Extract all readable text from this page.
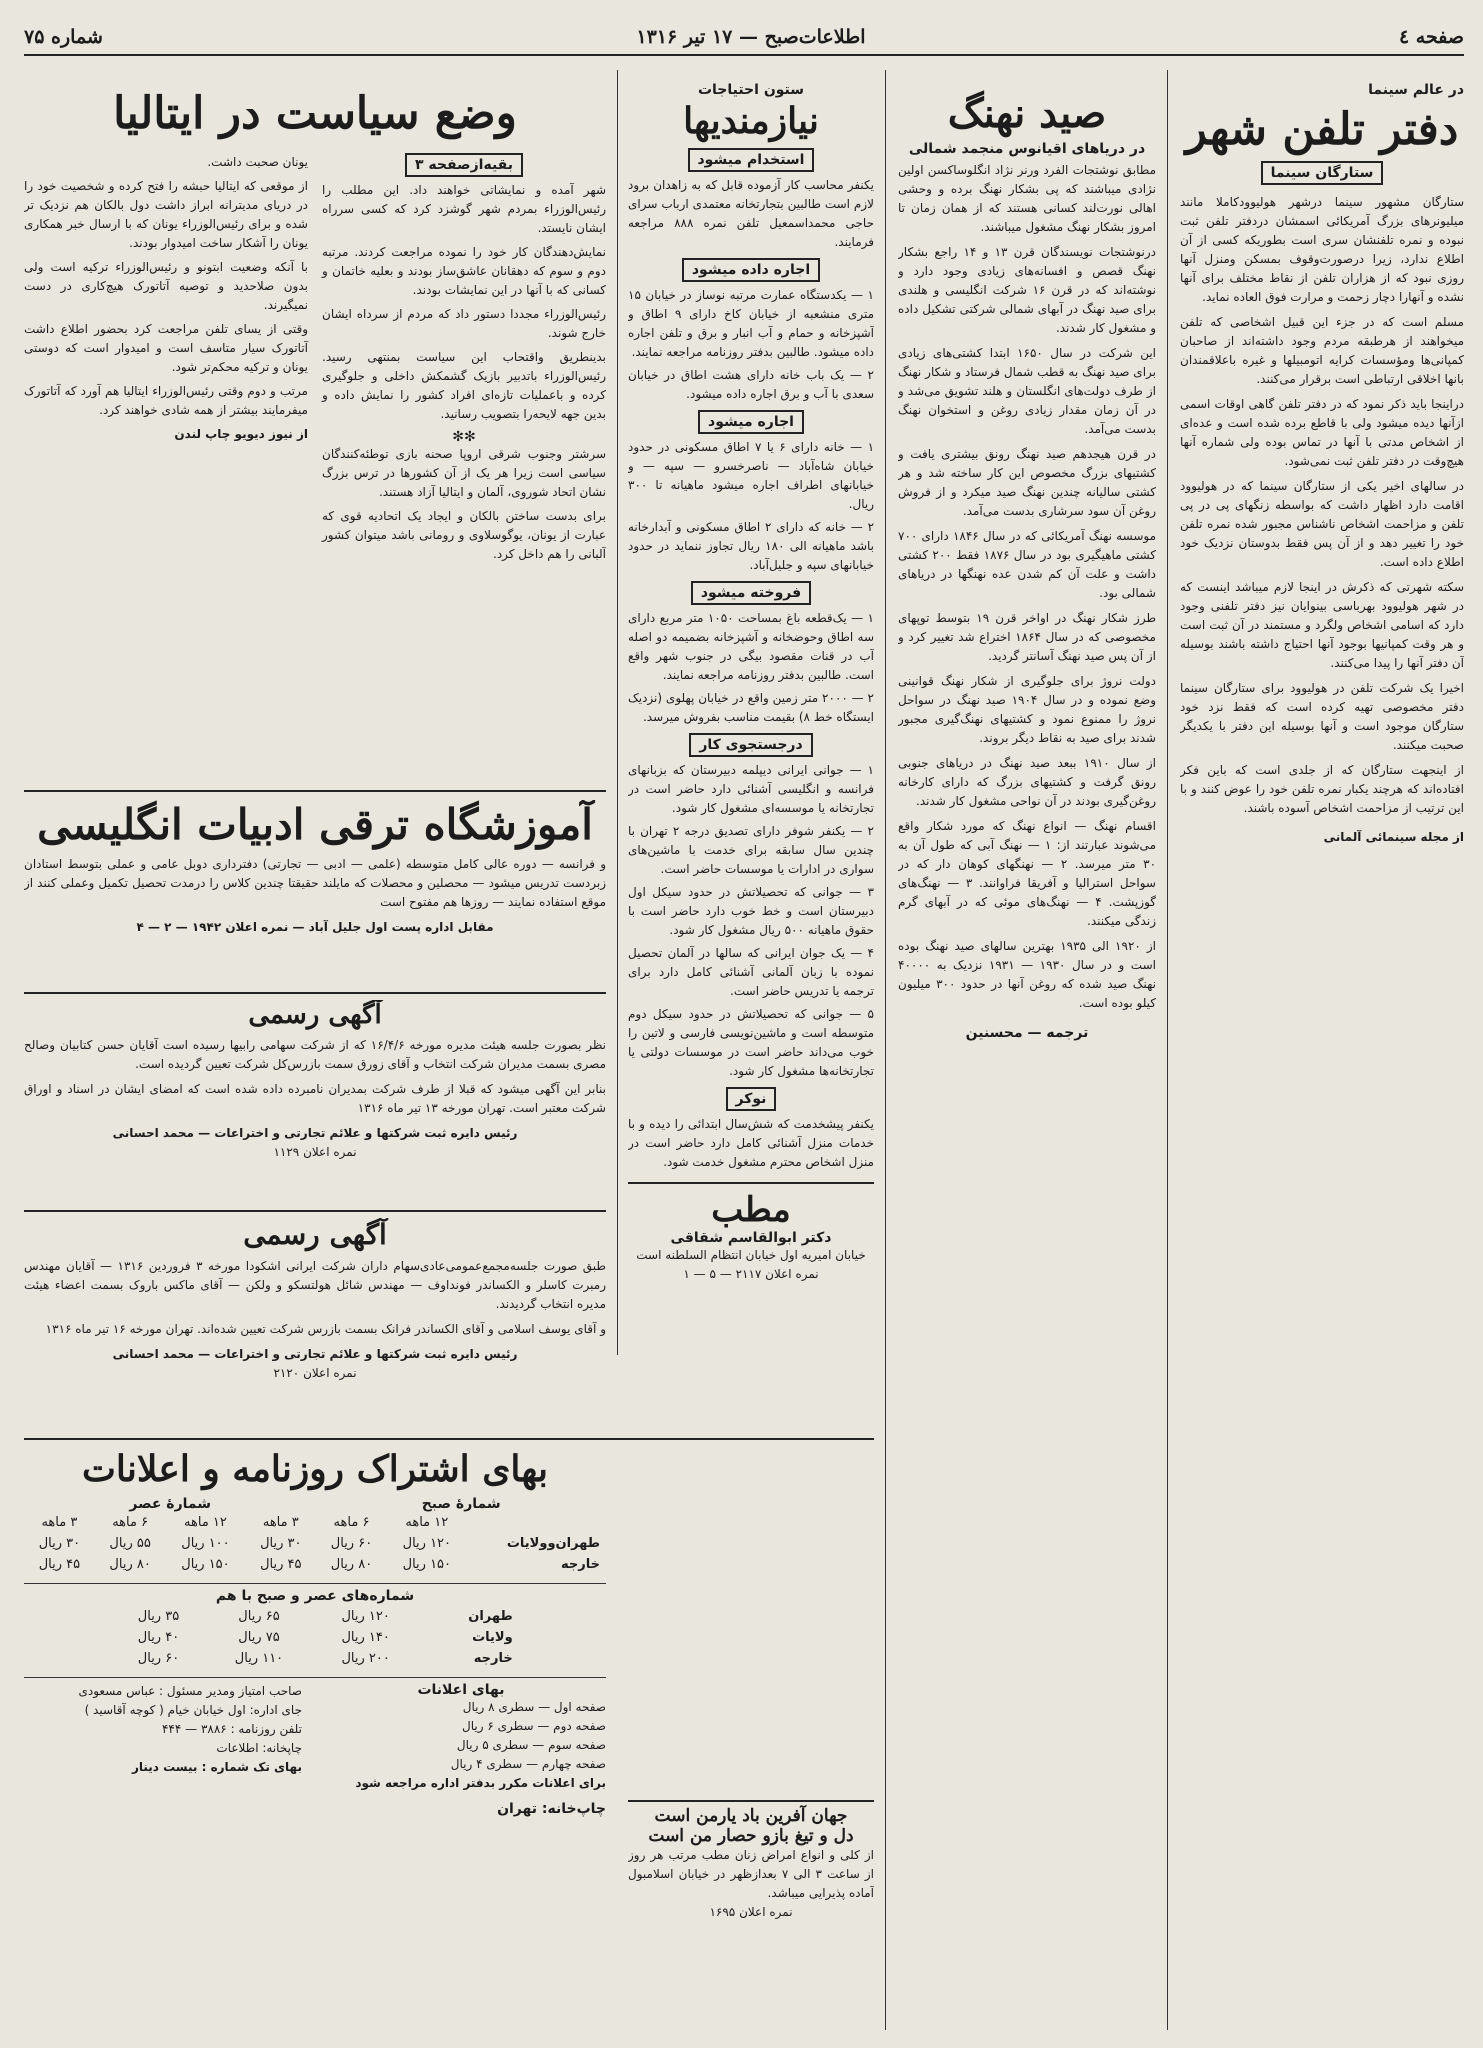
صفحه ٤
اطلاعات‌صبح — ۱۷ تیر ۱۳۱۶
شماره ۷۵
در عالم سینما
دفتر تلفن شهر
ستارگان سینما

ستارگان مشهور سینما درشهر هولیوودکاملا مانند میلیونرهای بزرگ آمریکائی اسمشان دردفتر تلفن ثبت نبوده و نمره تلفنشان سری است بطوریکه کسی از آن اطلاع ندارد، زیرا درصورت‌وقوف بمسکن ومنزل آنها روزی نبود که از هزاران تلفن از نقاط مختلف برای آنها نشده و آنهارا دچار زحمت و مرارت فوق العاده نماید.

مسلم است که در جزء این قبیل اشخاصی که تلفن میخواهند از هرطبقه مردم وجود داشته‌اند از صاحبان کمپانی‌ها ومؤسسات کرایه اتومبیلها و غیره باعلاقمندان بانها اخلاقی ارتباطی است برقرار می‌کنند.

دراینجا باید ذکر نمود که در دفتر تلفن گاهی اوقات اسمی ازآنها دیده میشود ولی با قاطع برده شده است و عده‌ای از اشخاص مدتی با آنها در تماس بوده ولی شماره آنها هیچ‌وقت در دفتر تلفن ثبت نمی‌شود.

در سالهای اخیر یکی از ستارگان سینما که در هولیوود اقامت دارد اظهار داشت که بواسطه زنگهای پی در پی تلفن و مزاحمت اشخاص ناشناس مجبور شده نمره تلفن خود را تغییر دهد و از آن پس فقط بدوستان نزدیک خود اطلاع داده است.

سکته شهرتی که ذکرش در اینجا لازم میباشد اینست که در شهر هولیوود بهرباسی بینوایان نیز دفتر تلفنی وجود دارد که اسامی اشخاص ولگرد و مستمند در آن ثبت است و هر وقت کمپانیها بوجود آنها احتیاج داشته باشند بوسیله آن دفتر آنها را پیدا می‌کنند.

اخیرا یک شرکت تلفن در هولیوود برای ستارگان سینما دفتر مخصوصی تهیه کرده است که فقط نزد خود ستارگان موجود است و آنها بوسیله این دفتر با یکدیگر صحبت میکنند.

از اینجهت ستارگان که از جلدی است که باین فکر افتاده‌اند که هرچند یکبار نمره تلفن خود را عوض کنند و با این ترتیب از مزاحمت اشخاص آسوده باشند.

از مجله سینمائی آلمانی
صید نهنگ
در دریاهای اقیانوس منجمد شمالی

مطابق نوشتجات الفرد ورنر نژاد انگلوساکسن اولین نژادی میباشند که پی بشکار نهنگ برده و وحشی اهالی نورت‌لند کسانی هستند که از همان زمان تا امروز بشکار نهنگ مشغول میباشند.

درنوشتجات نویسندگان قرن ۱۳ و ۱۴ راجع بشکار نهنگ قصص و افسانه‌های زیادی وجود دارد و نوشته‌اند که در قرن ۱۶ شرکت انگلیسی و هلندی برای صید نهنگ در آبهای شمالی شرکتی تشکیل داده و مشغول کار شدند.

این شرکت در سال ۱۶۵۰ ابتدا کشتی‌های زیادی برای صید نهنگ به قطب شمال فرستاد و شکار نهنگ از طرف دولت‌های انگلستان و هلند تشویق می‌شد و در آن زمان مقدار زیادی روغن و استخوان نهنگ بدست می‌آمد.

در قرن هیجدهم صید نهنگ رونق بیشتری یافت و کشتیهای بزرگ مخصوص این کار ساخته شد و هر کشتی سالیانه چندین نهنگ صید میکرد و از فروش روغن آن سود سرشاری بدست می‌آمد.

موسسه نهنگ آمریکائی که در سال ۱۸۴۶ دارای ۷۰۰ کشتی ماهیگیری بود در سال ۱۸۷۶ فقط ۲۰۰ کشتی داشت و علت آن کم شدن عده نهنگها در دریاهای شمالی بود.

طرز شکار نهنگ در اواخر قرن ۱۹ بتوسط توپهای مخصوصی که در سال ۱۸۶۴ اختراع شد تغییر کرد و از آن پس صید نهنگ آسانتر گردید.

دولت نروژ برای جلوگیری از شکار نهنگ قوانینی وضع نموده و در سال ۱۹۰۴ صید نهنگ در سواحل نروژ را ممنوع نمود و کشتیهای نهنگ‌گیری مجبور شدند برای صید به نقاط دیگر بروند.

از سال ۱۹۱۰ ببعد صید نهنگ در دریاهای جنوبی رونق گرفت و کشتیهای بزرگ که دارای کارخانه روغن‌گیری بودند در آن نواحی مشغول کار شدند.

اقسام نهنگ — انواع نهنگ که مورد شکار واقع می‌شوند عبارتند از: ۱ — نهنگ آبی که طول آن به ۳۰ متر میرسد. ۲ — نهنگهای کوهان دار که در سواحل استرالیا و آفریقا فراوانند. ۳ — نهنگ‌های گوزپشت. ۴ — نهنگ‌های موئی که در آبهای گرم زندگی میکنند.

از ۱۹۲۰ الی ۱۹۳۵ بهترین سالهای صید نهنگ بوده است و در سال ۱۹۳۰ — ۱۹۳۱ نزدیک به ۴۰۰۰۰ نهنگ صید شده که روغن آنها در حدود ۳۰۰ میلیون کیلو بوده است.

ترجمه — محسنین
ستون احتیاجات
نیازمندیها
استخدام میشود

یکنفر محاسب کار آزموده قابل که به زاهدان برود لازم است طالبین بتجارتخانه معتمدی ارباب سرای حاجی محمداسمعیل تلفن نمره ۸۸۸ مراجعه فرمایند.

اجاره داده میشود

۱ — یکدستگاه عمارت مرتبه نوساز در خیابان ۱۵ متری منشعبه از خیابان کاخ دارای ۹ اطاق و آشپزخانه و حمام و آب انبار و برق و تلفن اجاره داده میشود. طالبین بدفتر روزنامه مراجعه نمایند.

۲ — یک باب خانه دارای هشت اطاق در خیابان سعدی با آب و برق اجاره داده میشود.

اجاره میشود

۱ — خانه دارای ۶ یا ۷ اطاق مسکونی در حدود خیابان شاه‌آباد — ناصرخسرو — سپه — و خیابانهای اطراف اجاره میشود ماهیانه تا ۳۰۰ ریال.

۲ — خانه که دارای ۲ اطاق مسکونی و آبدارخانه باشد ماهیانه الی ۱۸۰ ریال تجاوز ننماید در حدود خیابانهای سپه و جلیل‌آباد.

فروخته میشود

۱ — یک‌قطعه باغ بمساحت ۱۰۵۰ متر مربع دارای سه اطاق وحوضخانه و آشپزخانه بضمیمه دو اصله آب در قنات مقصود بیگی در جنوب شهر واقع است. طالبین بدفتر روزنامه مراجعه نمایند.

۲ — ۲۰۰۰ متر زمین واقع در خیابان پهلوی (نزدیک ایستگاه خط ۸) بقیمت مناسب بفروش میرسد.

درجستجوی کار

۱ — جوانی ایرانی دیپلمه دبیرستان که بزبانهای فرانسه و انگلیسی آشنائی دارد حاضر است در تجارتخانه یا موسسه‌ای مشغول کار شود.

۲ — یکنفر شوفر دارای تصدیق درجه ۲ تهران با چندین سال سابقه برای خدمت با ماشین‌های سواری در ادارات یا موسسات حاضر است.

۳ — جوانی که تحصیلاتش در حدود سیکل اول دبیرستان است و خط خوب دارد حاضر است با حقوق ماهیانه ۵۰۰ ریال مشغول کار شود.

۴ — یک جوان ایرانی که سالها در آلمان تحصیل نموده با زبان آلمانی آشنائی کامل دارد برای ترجمه یا تدریس حاضر است.

۵ — جوانی که تحصیلاتش در حدود سیکل دوم متوسطه است و ماشین‌نویسی فارسی و لاتین را خوب می‌داند حاضر است در موسسات دولتی یا تجارتخانه‌ها مشغول کار شود.

نوکر

یکنفر پیشخدمت که شش‌سال ابتدائی را دیده و با خدمات منزل آشنائی کامل دارد حاضر است در منزل اشخاص محترم مشغول خدمت شود.

مطب
دکتر ابوالقاسم شقاقی
خیابان امیریه اول خیابان انتظام السلطنه است
نمره اعلان ۲۱۱۷ — ۵ — ۱
وضع سیاست در ایتالیا
بقیه‌ازصفحه ۳

شهر آمده و نمایشاتی خواهند داد. این مطلب را رئیس‌الوزراء بمردم شهر گوشزد کرد که کسی سرراه ایشان نایستد.

نمایش‌دهندگان کار خود را نموده مراجعت کردند. مرتبه دوم و سوم که دهقانان عاشق‌ساز بودند و بعلیه خاتمان و کسانی که با آنها در این نمایشات بودند.

رئیس‌الوزراء مجددا دستور داد که مردم از سرداه ایشان خارج شوند.

بدینطریق واقتحاب این سیاست بمنتهی رسید. رئیس‌الوزراء باتدبیر بازیک گشمکش داخلی و جلوگیری کرده و باعملیات تازه‌ای افراد کشور را نمایش داده و بدین جهه لایحه‌را بتصویب رسانید.

✻✻

سرشتر وجنوب شرقی اروپا صحنه بازی توطئه‌کنندگان سیاسی است زیرا هر یک از آن کشورها در ترس بزرگ نشان اتحاد شوروی، آلمان و ایتالیا آزاد هستند.

برای بدست ساختن بالکان و ایجاد یک اتحادیه قوی که عبارت از یونان، یوگوسلاوی و رومانی باشد میتوان کشور آلبانی را هم داخل کرد.

یونان صحبت داشت.

از موقعی که ایتالیا حبشه را فتح کرده و شخصیت خود را در دریای مدیترانه ابراز داشت دول بالکان هم نزدیک تر شده و برای رئیس‌الوزراء یونان که با ارسال خبر همکاری یونان را آشکار ساخت امیدوار بودند.

با آنکه وضعیت ابتونو و رئیس‌الوزراء ترکیه است ولی بدون صلاحدید و توصیه آتاتورک هیچ‌کاری در دست نمیگیرند.

وقتی از یسای تلفن مراجعت کرد بحضور اطلاع داشت آتاتورک سیار متاسف است و امیدوار است که دوستی یونان و ترکیه محکم‌تر شود.

مرتب و دوم وقتی رئیس‌الوزراء ایتالیا هم آورد که آتاتورک میفرمایند بیشتر از همه شادی خواهند کرد.

از نیوز دیویو چاپ لندن
آموزشگاه ترقی ادبیات انگلیسی

و فرانسه — دوره عالی کامل متوسطه (علمی — ادبی — تجارتی) دفترداری دوبل عامی و عملی بتوسط استادان زبردست تدریس میشود — محصلین و محصلات که مایلند حقیقتا چندین کلاس را درمدت تحصیل تکمیل وعملی کنند از موقع استفاده نمایند — روزها هم مفتوح است

مقابل اداره پست اول جلیل آباد — نمره اعلان ۱۹۴۲ — ۲ — ۴
آگهی رسمی

نظر بصورت جلسه هیئت مدیره مورخه ۱۶/۴/۶ که از شرکت سهامی رابیها رسیده است آقایان حسن کتابیان وصالح مصری بسمت مدیران شرکت انتخاب و آقای زورق سمت بازرس‌کل شرکت تعیین گردیده است.

بنابر این آگهی میشود که قبلا از طرف شرکت بمدیران نامبرده داده شده است که امضای ایشان در اسناد و اوراق شرکت معتبر است. تهران مورخه ۱۳ تیر ماه ۱۳۱۶

رئیس دایره ثبت شرکتها و علائم تجارتی و اختراعات — محمد احسانی
نمره اعلان ۱۱۲۹
آگهی رسمی

طبق صورت جلسه‌مجمع‌عمومی‌عادی‌سهام داران شرکت ایرانی اشکودا مورخه ۳ فروردین ۱۳۱۶ — آقایان مهندس رمبرت کاسلر و الکساندر فونداوف — مهندس شائل هولتسکو و ولکن — آقای ماکس باروک بسمت اعضاء هیئت مدیره انتخاب گردیدند.

و آقای یوسف اسلامی و آقای الکساندر فرانک بسمت بازرس شرکت تعیین شده‌اند. تهران مورخه ۱۶ تیر ماه ۱۳۱۶

رئیس دایره ثبت شرکتها و علائم تجارتی و اختراعات — محمد احسانی
نمره اعلان ۲۱۲۰
بهای اشتراک روزنامه و اعلانات
شمارهٔ صبح
شمارهٔ عصر
	۱۲ ماهه	۶ ماهه	۳ ماهه	۱۲ ماهه	۶ ماهه	۳ ماهه
طهران‌وولایات	۱۲۰ ریال	۶۰ ریال	۳۰ ریال	۱۰۰ ریال	۵۵ ریال	۳۰ ریال
خارجه	۱۵۰ ریال	۸۰ ریال	۴۵ ریال	۱۵۰ ریال	۸۰ ریال	۴۵ ریال
شماره‌های عصر و صبح با هم
طهران	۱۲۰ ریال	۶۵ ریال	۳۵ ریال
ولایات	۱۴۰ ریال	۷۵ ریال	۴۰ ریال
خارجه	۲۰۰ ریال	۱۱۰ ریال	۶۰ ریال
بهای اعلانات
صفحه اول — سطری ۸ ریال
صفحه دوم — سطری ۶ ریال
صفحه سوم — سطری ۵ ریال
صفحه چهارم — سطری ۴ ریال
برای اعلانات مکرر بدفتر اداره مراجعه شود
صاحب امتیاز ومدیر مسئول : عباس مسعودی
جای اداره: اول خیابان خیام ( کوچه آقاسید )
تلفن روزنامه : ۳۸۸۶ — ۴۴۴
چاپخانه: اطلاعات
بهای تک شماره : بیست دینار
چاپ‌خانه: تهران	جهان آفرین باد یارمن است
دل و تیغ بازو حصار من است

از کلی و انواع امراض زنان مطب مرتب هر روز از ساعت ۳ الی ۷ بعدازظهر در خیابان اسلامبول آماده پذیرایی میباشد.

نمره اعلان ۱۶۹۵
